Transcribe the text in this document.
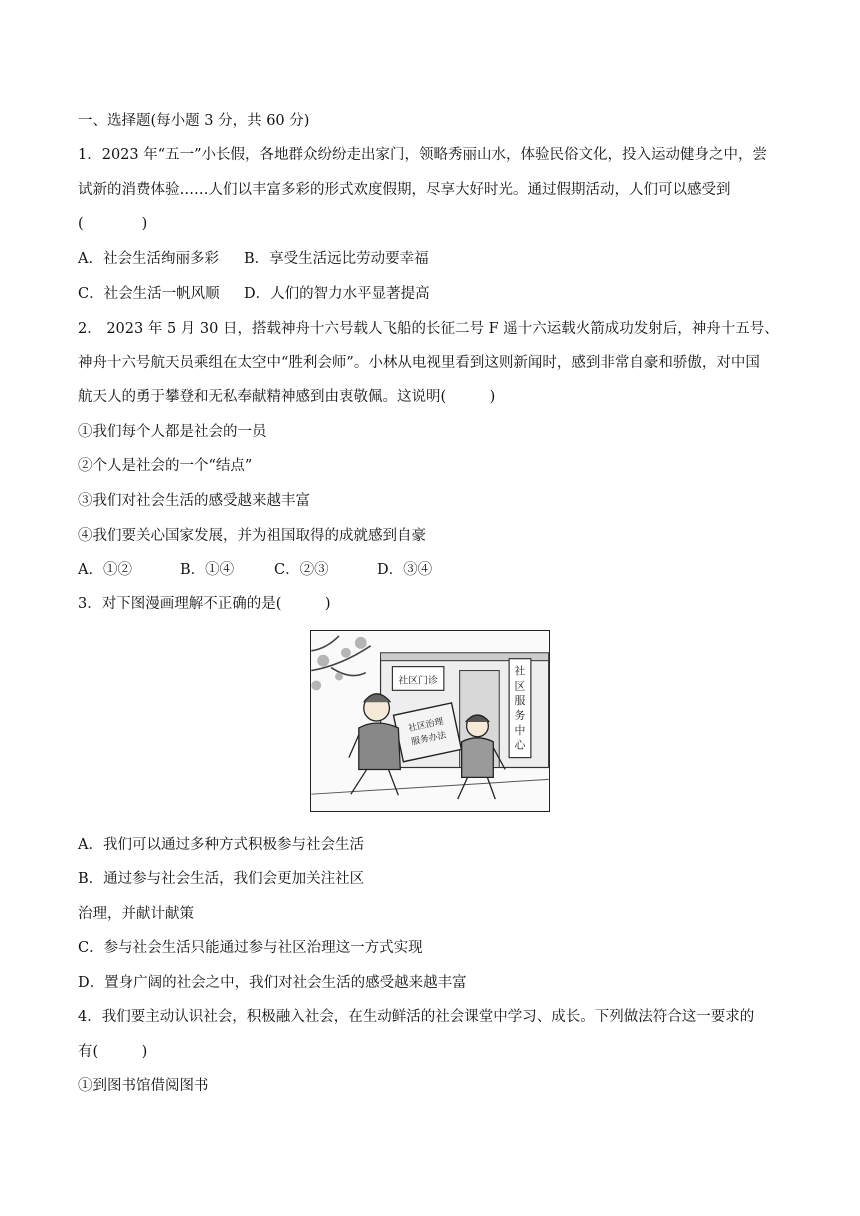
一、选择题(每小题 3 分，共 60 分)
1．2023 年“五一”小长假，各地群众纷纷走出家门，领略秀丽山水，体验民俗文化，投入运动健身之中，尝
试新的消费体验……人们以丰富多彩的形式欢度假期，尽享大好时光。通过假期活动，人们可以感受到
(　　　　)
A．社会生活绚丽多彩 B．享受生活远比劳动要幸福
C．社会生活一帆风顺 D．人们的智力水平显著提高
2． 2023 年 5 月 30 日，搭载神舟十六号载人飞船的长征二号 F 遥十六运载火箭成功发射后，神舟十五号、
神舟十六号航天员乘组在太空中“胜利会师”。小林从电视里看到这则新闻时，感到非常自豪和骄傲，对中国
航天人的勇于攀登和无私奉献精神感到由衷敬佩。这说明(　　　)
①我们每个人都是社会的一员
②个人是社会的一个“结点”
③我们对社会生活的感受越来越丰富
④我们要关心国家发展，并为祖国取得的成就感到自豪
A．①②	B．①④	C．②③	D．③④
3．对下图漫画理解不正确的是(　　　)
社区门诊
社
区
服
务
中
心
社区治理
服务办法
A．我们可以通过多种方式积极参与社会生活
B．通过参与社会生活，我们会更加关注社区
治理，并献计献策
C．参与社会生活只能通过参与社区治理这一方式实现
D．置身广阔的社会之中，我们对社会生活的感受越来越丰富
4．我们要主动认识社会，积极融入社会，在生动鲜活的社会课堂中学习、成长。下列做法符合这一要求的
有(　　　)
①到图书馆借阅图书
